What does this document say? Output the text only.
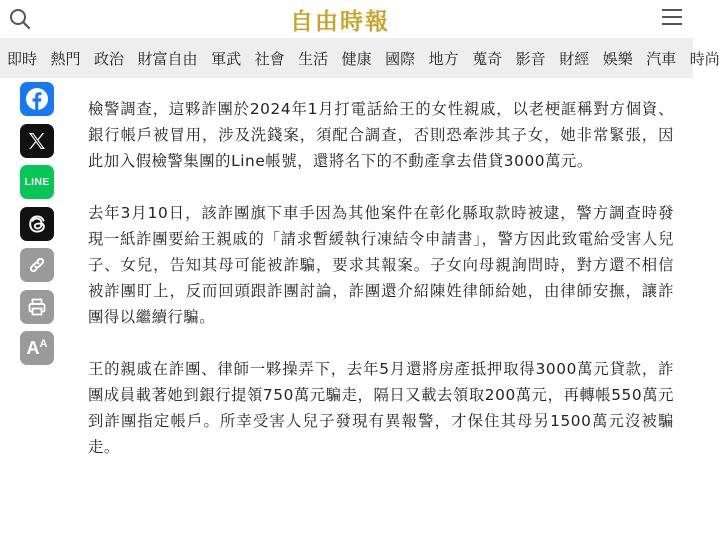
自由時報
即時 熱門 政治 財富自由 軍武 社會 生活 健康 國際 地方 蒐奇 影音 財經 娛樂 汽車 時尚
LINE
$A^A$

檢警調查，這夥詐團於2024年1月打電話給王的女性親戚，以老梗誆稱對方個資、銀行帳戶被冒用，涉及洗錢案，須配合調查，否則恐牽涉其子女，她非常緊張，因此加入假檢警集團的Line帳號，還將名下的不動產拿去借貸3000萬元。

去年3月10日，該詐團旗下車手因為其他案件在彰化縣取款時被逮，警方調查時發現一紙詐團要給王親戚的「請求暫緩執行凍結令申請書」，警方因此致電給受害人兒子、女兒，告知其母可能被詐騙，要求其報案。子女向母親詢問時，對方還不相信被詐團盯上，反而回頭跟詐團討論，詐團還介紹陳姓律師給她，由律師安撫，讓詐團得以繼續行騙。

王的親戚在詐團、律師一夥操弄下，去年5月還將房產抵押取得3000萬元貸款，詐團成員載著她到銀行提領750萬元騙走，隔日又載去領取200萬元，再轉帳550萬元到詐團指定帳戶。所幸受害人兒子發現有異報警，才保住其母另1500萬元沒被騙走。
